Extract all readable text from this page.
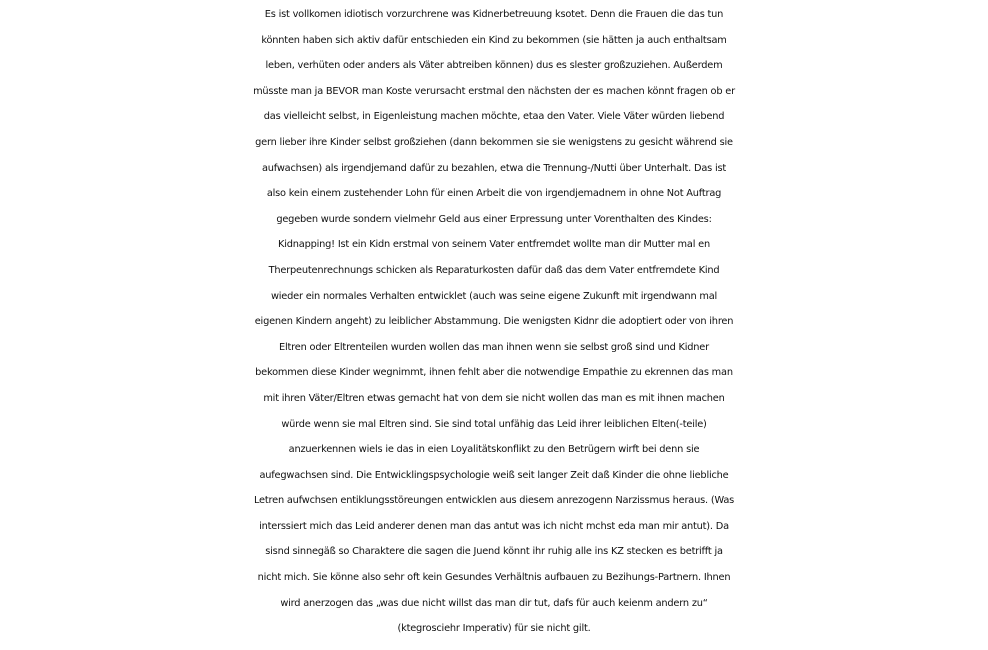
Es ist vollkomen idiotisch vorzurchrene was Kidnerbetreuung ksotet. Denn die Frauen die das tun
könnten haben sich aktiv dafür entschieden ein Kind zu bekommen (sie hätten ja auch enthaltsam
leben, verhüten oder anders als Väter abtreiben können) dus es slester großzuziehen. Außerdem
müsste man ja BEVOR man Koste verursacht erstmal den nächsten der es machen könnt fragen ob er
das vielleicht selbst, in Eigenleistung machen möchte, etaa den Vater. Viele Väter würden liebend
gern lieber ihre Kinder selbst großziehen (dann bekommen sie sie wenigstens zu gesicht während sie
aufwachsen) als irgendjemand dafür zu bezahlen, etwa die Trennung-/Nutti über Unterhalt. Das ist
also kein einem zustehender Lohn für einen Arbeit die von irgendjemadnem in ohne Not Auftrag
gegeben wurde sondern vielmehr Geld aus einer Erpressung unter Vorenthalten des Kindes:
Kidnapping! Ist ein Kidn erstmal von seinem Vater entfremdet wollte man dir Mutter mal en
Therpeutenrechnungs schicken als Reparaturkosten dafür daß das dem Vater entfremdete Kind
wieder ein normales Verhalten entwicklet (auch was seine eigene Zukunft mit irgendwann mal
eigenen Kindern angeht) zu leiblicher Abstammung. Die wenigsten Kidnr die adoptiert oder von ihren
Eltren oder Eltrenteilen wurden wollen das man ihnen wenn sie selbst groß sind und Kidner
bekommen diese Kinder wegnimmt, ihnen fehlt aber die notwendige Empathie zu ekrennen das man
mit ihren Väter/Eltren etwas gemacht hat von dem sie nicht wollen das man es mit ihnen machen
würde wenn sie mal Eltren sind. Sie sind total unfähig das Leid ihrer leiblichen Elten(-teile)
anzuerkennen wiels ie das in eien Loyalitätskonflikt zu den Betrügern wirft bei denn sie
aufegwachsen sind. Die Entwicklingspsychologie weiß seit langer Zeit daß Kinder die ohne liebliche
Letren aufwchsen entiklungsstöreungen entwicklen aus diesem anrezogenn Narzissmus heraus. (Was
interssiert mich das Leid anderer denen man das antut was ich nicht mchst eda man mir antut). Da
sisnd sinnegäß so Charaktere die sagen die Juend könnt ihr ruhig alle ins KZ stecken es betrifft ja
nicht mich. Sie könne also sehr oft kein Gesundes Verhältnis aufbauen zu Bezihungs-Partnern. Ihnen
wird anerzogen das „was due nicht willst das man dir tut, dafs für auch keienm andern zu“
(ktegrosciehr Imperativ) für sie nicht gilt.
